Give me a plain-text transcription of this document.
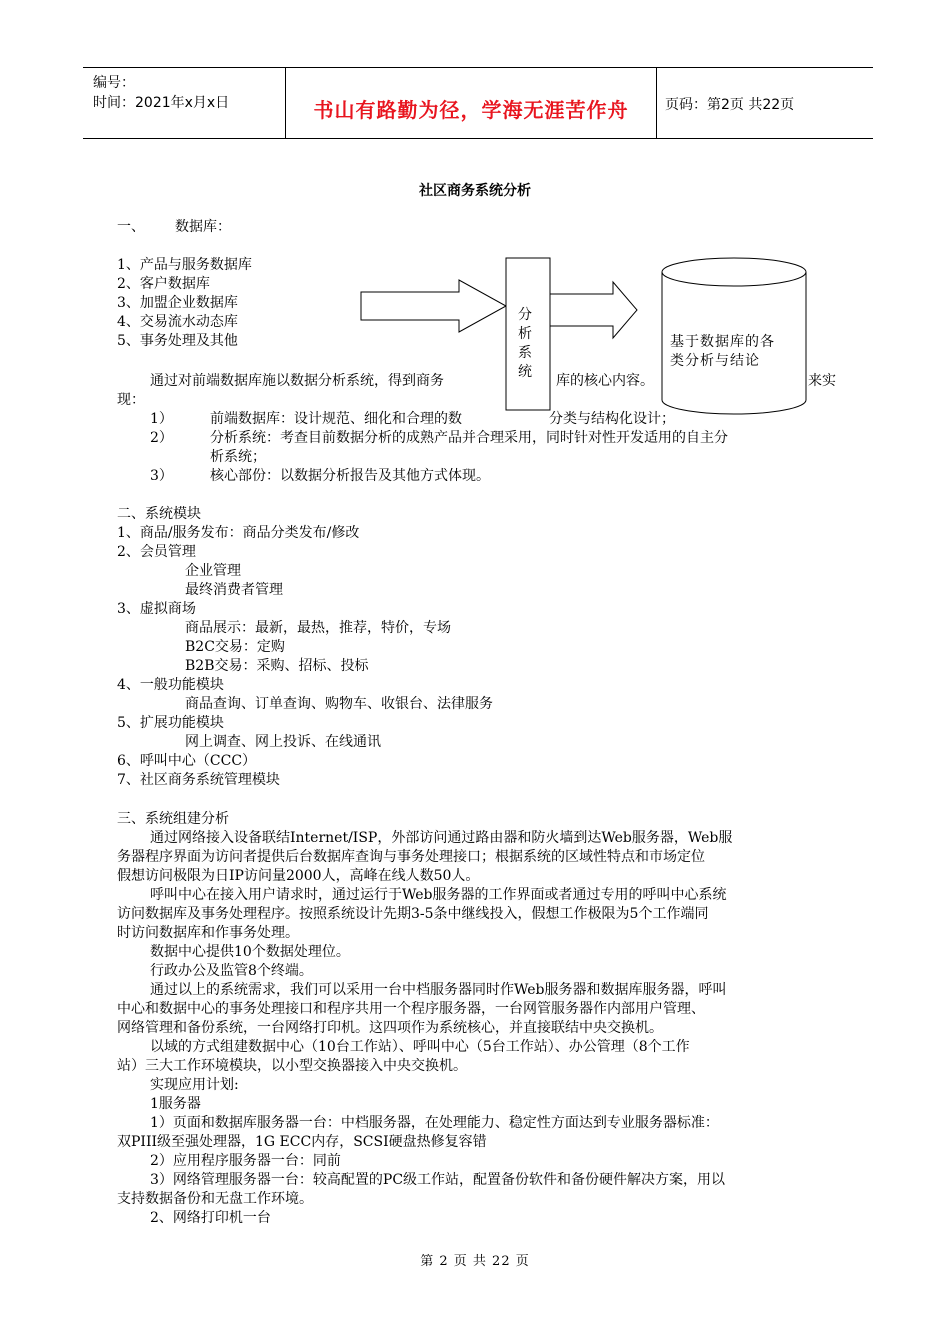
编号：
时间：2021年x月x日	书山有路勤为径，学海无涯苦作舟	页码：第2页 共22页
社区商务系统分析
一、 数据库：
1、产品与服务数据库
2、客户数据库
3、加盟企业数据库
4、交易流水动态库
5、事务处理及其他
分
析
系
统
基于数据库的各
类分析与结论
通过对前端数据库施以数据分析系统，得到商务	库的核心内容。	来实
现：
1）	前端数据库：设计规范、细化和合理的数	分类与结构化设计；
2）	分析系统：考查目前数据分析的成熟产品并合理采用，同时针对性开发适用的自主分
析系统；
3）	核心部份：以数据分析报告及其他方式体现。
二、系统模块
1、商品/服务发布：商品分类发布/修改
2、会员管理
企业管理
最终消费者管理
3、虚拟商场
商品展示：最新，最热，推荐，特价，专场
B2C交易：定购
B2B交易：采购、招标、投标
4、一般功能模块
商品查询、订单查询、购物车、收银台、法律服务
5、扩展功能模块
网上调查、网上投诉、在线通讯
6、呼叫中心（CCC）
7、社区商务系统管理模块
三、系统组建分析
通过网络接入设备联结Internet/ISP，外部访问通过路由器和防火墙到达Web服务器，Web服
务器程序界面为访问者提供后台数据库查询与事务处理接口；根据系统的区域性特点和市场定位
假想访问极限为日IP访问量2000人，高峰在线人数50人。
呼叫中心在接入用户请求时，通过运行于Web服务器的工作界面或者通过专用的呼叫中心系统
访问数据库及事务处理程序。按照系统设计先期3-5条中继线投入，假想工作极限为5个工作端同
时访问数据库和作事务处理。
数据中心提供10个数据处理位。
行政办公及监管8个终端。
通过以上的系统需求，我们可以采用一台中档服务器同时作Web服务器和数据库服务器，呼叫
中心和数据中心的事务处理接口和程序共用一个程序服务器，一台网管服务器作内部用户管理、
网络管理和备份系统，一台网络打印机。这四项作为系统核心，并直接联结中央交换机。
以域的方式组建数据中心（10台工作站）、呼叫中心（5台工作站）、办公管理（8个工作
站）三大工作环境模块，以小型交换器接入中央交换机。
实现应用计划:
1服务器
1）页面和数据库服务器一台：中档服务器，在处理能力、稳定性方面达到专业服务器标准：
双PIII级至强处理器，1G ECC内存，SCSI硬盘热修复容错
2）应用程序服务器一台：同前
3）网络管理服务器一台：较高配置的PC级工作站，配置备份软件和备份硬件解决方案，用以
支持数据备份和无盘工作环境。
2、网络打印机一台
第 2 页 共 22 页
